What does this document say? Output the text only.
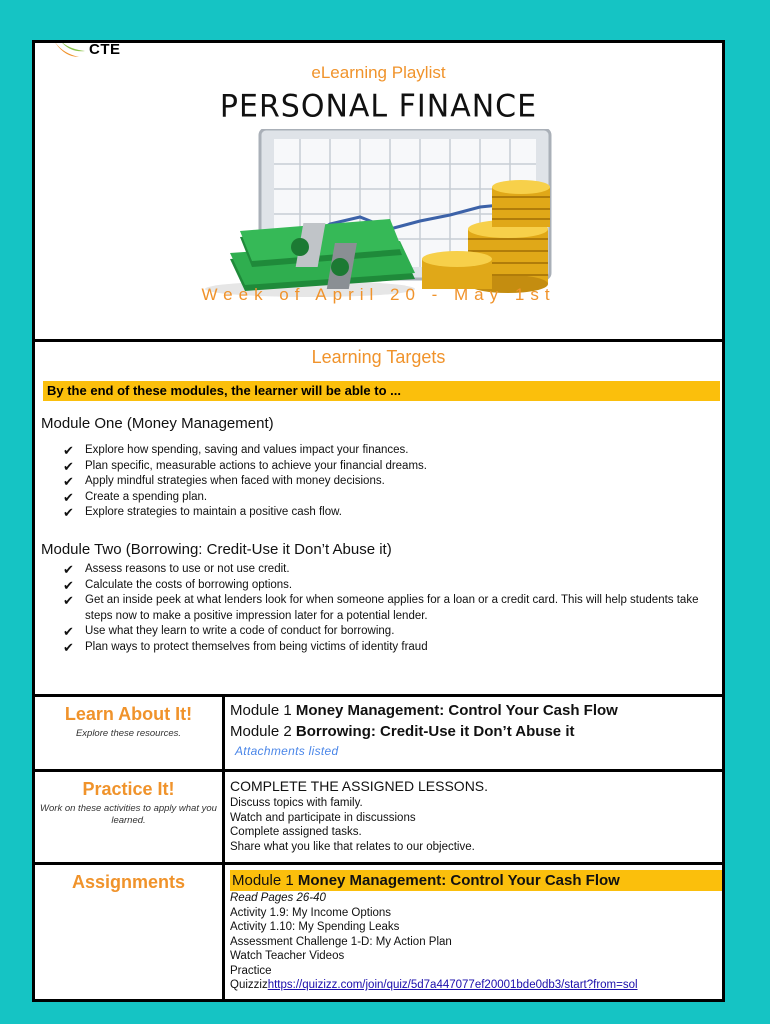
CTE
eLearning Playlist
PERSONAL FINANCE
Week of April 20 - May 1st
Learning Targets
By the end of these modules, the learner will be able to ...
Module One (Money Management)
✔ Explore how spending, saving and values impact your finances.
✔ Plan specific, measurable actions to achieve your financial dreams.
✔ Apply mindful strategies when faced with money decisions.
✔ Create a spending plan.
✔ Explore strategies to maintain a positive cash flow.
Module Two (Borrowing: Credit-Use it Don’t Abuse it)
✔ Assess reasons to use or not use credit.
✔ Calculate the costs of borrowing options.
✔ Get an inside peek at what lenders look for when someone applies for a loan or a credit card. This will help students take steps now to make a positive impression later for a potential lender.
✔ Use what they learn to write a code of conduct for borrowing.
✔ Plan ways to protect themselves from being victims of identity fraud
Learn About It!
Explore these resources.
Module 1 Money Management: Control Your Cash Flow
Module 2 Borrowing: Credit-Use it Don’t Abuse it
Attachments listed
Practice It!
Work on these activities to apply what you learned.
COMPLETE THE ASSIGNED LESSONS.
Discuss topics with family.
Watch and participate in discussions
Complete assigned tasks.
Share what you like that relates to our objective.
Assignments	Module 1 Money Management: Control Your Cash Flow
Read Pages 26-40
Activity 1.9: My Income Options
Activity 1.10: My Spending Leaks
Assessment Challenge 1-D: My Action Plan
Watch Teacher Videos
Practice
Quizzizhttps://quizizz.com/join/quiz/5d7a447077ef20001bde0db3/start?from=sol
